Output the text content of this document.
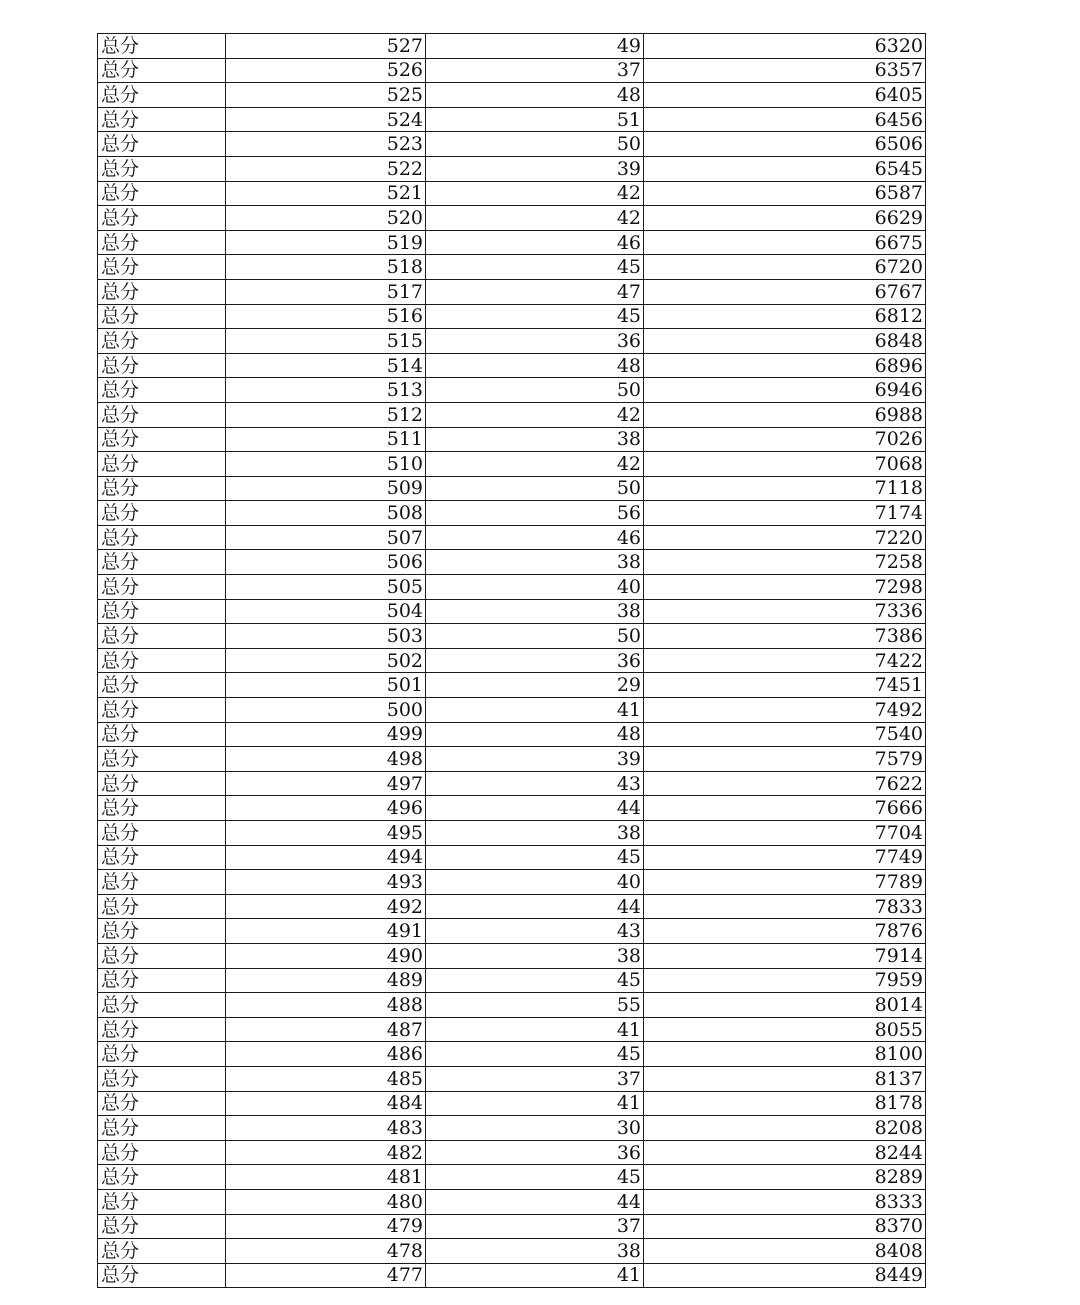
总分	527	49	6320
总分	526	37	6357
总分	525	48	6405
总分	524	51	6456
总分	523	50	6506
总分	522	39	6545
总分	521	42	6587
总分	520	42	6629
总分	519	46	6675
总分	518	45	6720
总分	517	47	6767
总分	516	45	6812
总分	515	36	6848
总分	514	48	6896
总分	513	50	6946
总分	512	42	6988
总分	511	38	7026
总分	510	42	7068
总分	509	50	7118
总分	508	56	7174
总分	507	46	7220
总分	506	38	7258
总分	505	40	7298
总分	504	38	7336
总分	503	50	7386
总分	502	36	7422
总分	501	29	7451
总分	500	41	7492
总分	499	48	7540
总分	498	39	7579
总分	497	43	7622
总分	496	44	7666
总分	495	38	7704
总分	494	45	7749
总分	493	40	7789
总分	492	44	7833
总分	491	43	7876
总分	490	38	7914
总分	489	45	7959
总分	488	55	8014
总分	487	41	8055
总分	486	45	8100
总分	485	37	8137
总分	484	41	8178
总分	483	30	8208
总分	482	36	8244
总分	481	45	8289
总分	480	44	8333
总分	479	37	8370
总分	478	38	8408
总分	477	41	8449
